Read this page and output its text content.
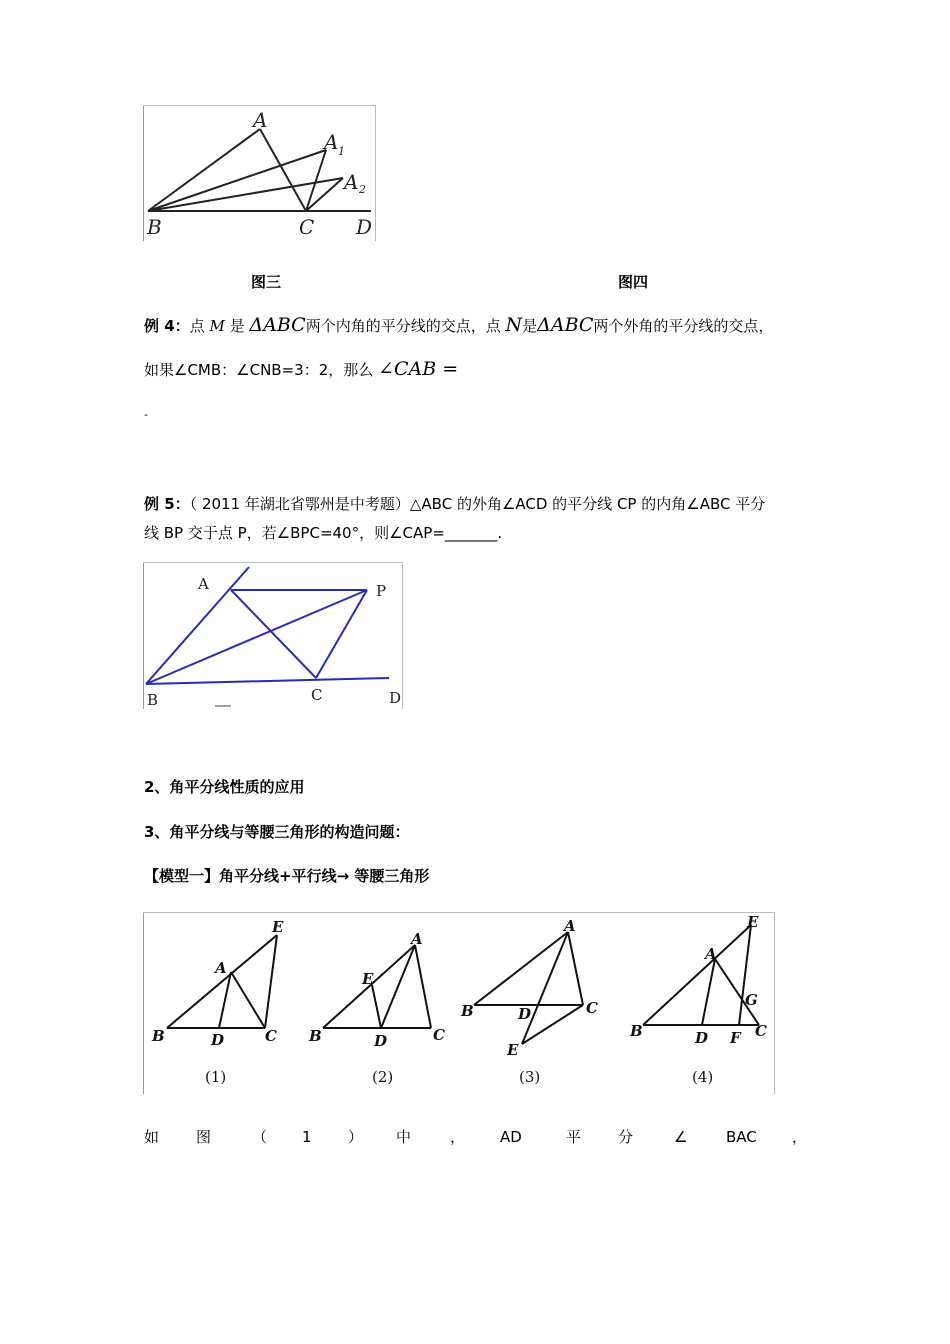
A
A 1
A 2
B	C D
图三	图四
例 4：点 M 是 ΔABC两个内角的平分线的交点，点 N是ΔABC两个外角的平分线的交点，
如果∠CMB：∠CNB=3：2，那么 ∠CAB =
-
例 5：（ 2011 年湖北省鄂州是中考题）△ABC 的外角∠ACD 的平分线 CP 的内角∠ABC 平分
线 BP 交于点 P，若∠BPC=40°，则∠CAP=_______.
A	P
B	C	D
2、角平分线性质的应用
3、角平分线与等腰三角形的构造问题：
【模型一】角平分线+平行线→ 等腰三角形
E
A
B	D	C
A
E
B	D	C
A
B	C
D
E
E
A
G
B	D F C
(1)	(2)	(3)	(4)
如 图	（ 1 ） 中	， AD	平 分	∠	BAC ，
